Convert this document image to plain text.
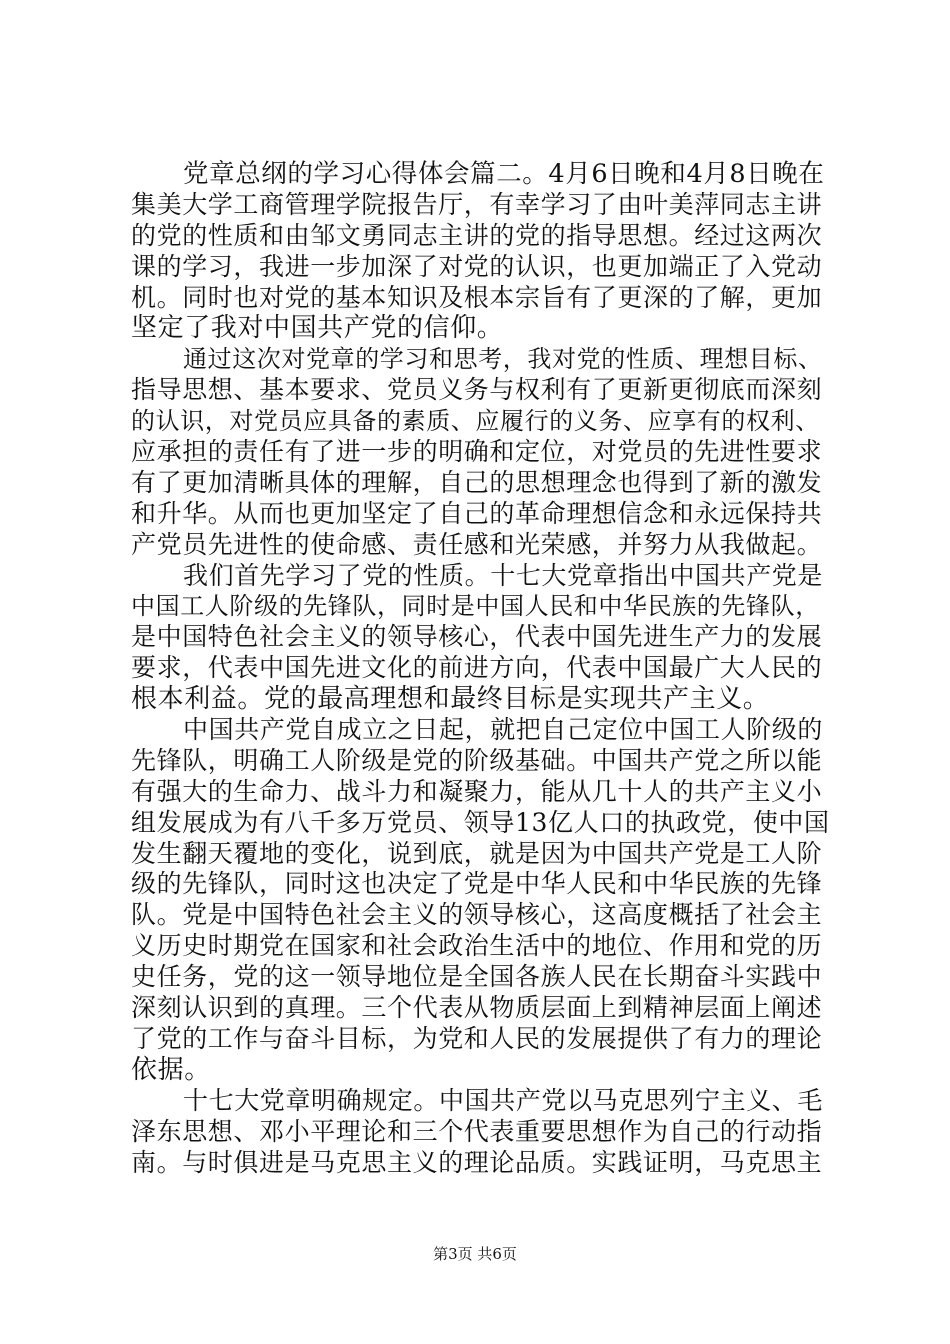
党章总纲的学习心得体会篇二。4月6日晚和4月8日晚在
集美大学工商管理学院报告厅，有幸学习了由叶美萍同志主讲
的党的性质和由邹文勇同志主讲的党的指导思想。经过这两次
课的学习，我进一步加深了对党的认识，也更加端正了入党动
机。同时也对党的基本知识及根本宗旨有了更深的了解，更加
坚定了我对中国共产党的信仰。
通过这次对党章的学习和思考，我对党的性质、理想目标、
指导思想、基本要求、党员义务与权利有了更新更彻底而深刻
的认识，对党员应具备的素质、应履行的义务、应享有的权利、
应承担的责任有了进一步的明确和定位，对党员的先进性要求
有了更加清晰具体的理解，自己的思想理念也得到了新的激发
和升华。从而也更加坚定了自己的革命理想信念和永远保持共
产党员先进性的使命感、责任感和光荣感，并努力从我做起。
我们首先学习了党的性质。十七大党章指出中国共产党是
中国工人阶级的先锋队，同时是中国人民和中华民族的先锋队，
是中国特色社会主义的领导核心，代表中国先进生产力的发展
要求，代表中国先进文化的前进方向，代表中国最广大人民的
根本利益。党的最高理想和最终目标是实现共产主义。
中国共产党自成立之日起，就把自己定位中国工人阶级的
先锋队，明确工人阶级是党的阶级基础。中国共产党之所以能
有强大的生命力、战斗力和凝聚力，能从几十人的共产主义小
组发展成为有八千多万党员、领导13亿人口的执政党，使中国
发生翻天覆地的变化，说到底，就是因为中国共产党是工人阶
级的先锋队，同时这也决定了党是中华人民和中华民族的先锋
队。党是中国特色社会主义的领导核心，这高度概括了社会主
义历史时期党在国家和社会政治生活中的地位、作用和党的历
史任务，党的这一领导地位是全国各族人民在长期奋斗实践中
深刻认识到的真理。三个代表从物质层面上到精神层面上阐述
了党的工作与奋斗目标，为党和人民的发展提供了有力的理论
依据。
十七大党章明确规定。中国共产党以马克思列宁主义、毛
泽东思想、邓小平理论和三个代表重要思想作为自己的行动指
南。与时俱进是马克思主义的理论品质。实践证明，马克思主
第3页 共6页
